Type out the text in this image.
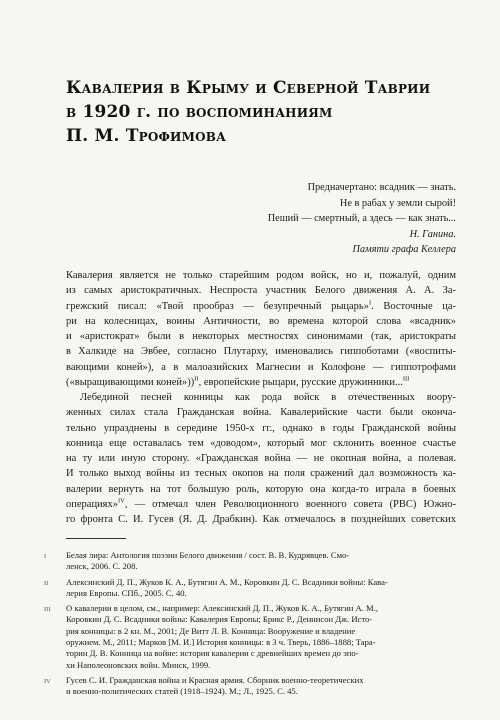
Кавалерия в Крыму и Северной Таврии
в 1920 г. по воспоминаниям
П. М. Трофимова
Предначертано: всадник — знать.
Не в рабах у земли сырой!
Пеший — смертный, а здесь — как знать...
Н. Ганина.
Памяти графа Келлера
Кавалерия является не только старейшим родом войск, но и, пожалуй, одним
из самых аристократичных. Неспроста участник Белого движения А. А. За-
грежский писал: «Твой прообраз — безупречный рыцарь»$^I$. Восточные ца-
ри на колесницах, воины Античности, во времена которой слова «всадник»
и «аристократ» были в некоторых местностях синонимами (так, аристократы
в Халкиде на Эвбее, согласно Плутарху, именовались гиппоботами («воспиты-
вающими коней»), а в малоазийских Магнесии и Колофоне — гиппотрофами
(«выращивающими коней»))$^{II}$, европейские рыцари, русские дружинники...$^{III}$
Лебединой песней конницы как рода войск в отечественных воору-
женных силах стала Гражданская война. Кавалерийские части были оконча-
тельно упразднены в середине 1950-х гг., однако в годы Гражданской войны
конница еще оставалась тем «доводом», который мог склонить военное счастье
на ту или иную сторону. «Гражданская война — не окопная война, а полевая.
И только выход войны из тесных окопов на поля сражений дал возможность ка-
валерии вернуть на тот большую роль, которую она когда-то играла в боевых
операциях»$^{IV}$, — отмечал член Революционного военного совета (РВС) Южно-
го фронта С. И. Гусев (Я. Д. Драбкин). Как отмечалось в позднейших советских
I	Белая лира: Антология поэзии Белого движения / сост. В. В. Кудрявцев. Смо-
ленск, 2006. С. 208.
II	Алексинский Д. П., Жуков К. А., Бутягин А. М., Коровкин Д. С. Всадники войны: Кава-
лерия Европы. СПб., 2005. С. 40.
III	О кавалерии в целом, см., например: Алексинский Д. П., Жуков К. А., Бутягин А. М.,
Коровкин Д. С. Всадники войны: Кавалерия Европы; Брикс Р., Деннисон Дж. Исто-
рия конницы: в 2 кн. М., 2001; Де Витт Л. В. Конница: Вооружение и владение
оружием. М., 2011; Марков [М. И.] История конницы: в 3 ч. Тверь, 1886–1888; Тара-
торин Д. В. Конница на войне: история кавалерии с древнейших времен до эпо-
хи Наполеоновских войн. Минск, 1999.
IV	Гусев С. И. Гражданская война и Красная армия. Сборник военно-теоретических
и военно-политических статей (1918–1924). М.; Л., 1925. С. 45.
